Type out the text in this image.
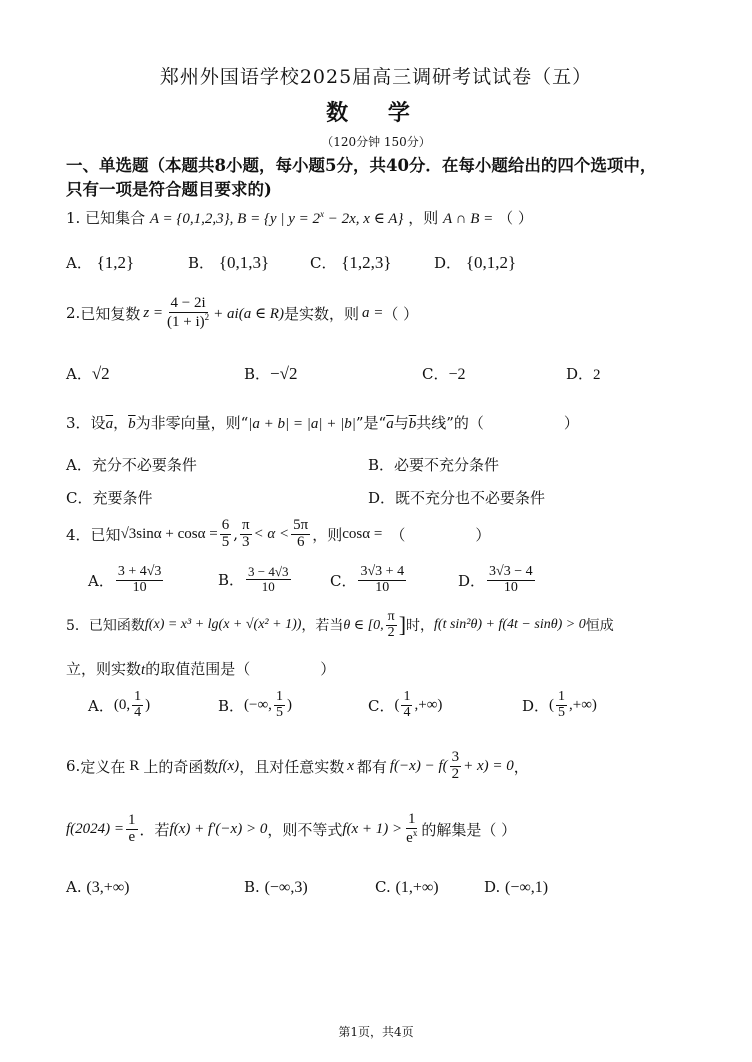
郑州外国语学校2025届高三调研考试试卷（五）
数 学
（120分钟 150分）
一、单选题（本题共8小题，每小题5分，共40分．在每小题给出的四个选项中，
只有一项是符合题目要求的)
1. 已知集合 A = {0,1,2,3}, B = {y | $y = 2^x - 2x$, x ∈ A} ，则 A ∩ B = （ ）
A． {1,2}	B． {0,1,3}	C． {1,2,3}	D． {0,1,2}
2. 已知复数 $z = \frac{4 - 2i}{(1 + i)^2} + ai(a$ ∈ R) 是实数，则 a = （ ）
A．√2	B．−√2	C．−2	D．2
3．设$\overline{a}$，$\overline{b}$为非零向量，则“|a + b| = |a| + |b|”是“$\overline{a}$与$\overline{b}$共线”的（	）
A．充分不必要条件	B．必要不充分条件
C．充要条件	D．既不充分也不必要条件
4． 已知 $√3\sin\alpha + \cos\alpha = \frac{6}{5}$ , $\frac{\pi}{3} < \alpha < \frac{5\pi}{6}$ ，则 cosα = （	）
A． $\frac{3 + 4√3}{10}$	B． $\frac{3 - 4√3}{10}$	C． $\frac{3√3 + 4}{10}$	D． $\frac{3√3 - 4}{10}$
5． 已知函数 f(x) = x³ + lg(x + √(x² + 1)) ，若当 θ ∈ [0, $\frac{\pi}{2}$ ] 时， f(t sin²θ) + f(4t − sinθ) > 0 恒成
立，则实数t的取值范围是（	）
A． (0, $\frac{1}{4}$ )	B． (−∞, $\frac{1}{5}$ )	C． ( $\frac{1}{4}$ ,+∞)	D． ( $\frac{1}{5}$ ,+∞)
6. 定义在 R 上的奇函数 f(x) ，且对任意实数 x 都有 $f(-x) - f( \frac{3}{2} + x) = 0$ ，
$f(2024) = \frac{1}{e}$ ．若 f(x) + f′(−x) > 0 ，则不等式 $f(x + 1) > \frac{1}{e^x}$ 的解集是（ ）
A. (3,+∞)	B. (−∞,3)	C. (1,+∞)	D. (−∞,1)
第1页，共4页
